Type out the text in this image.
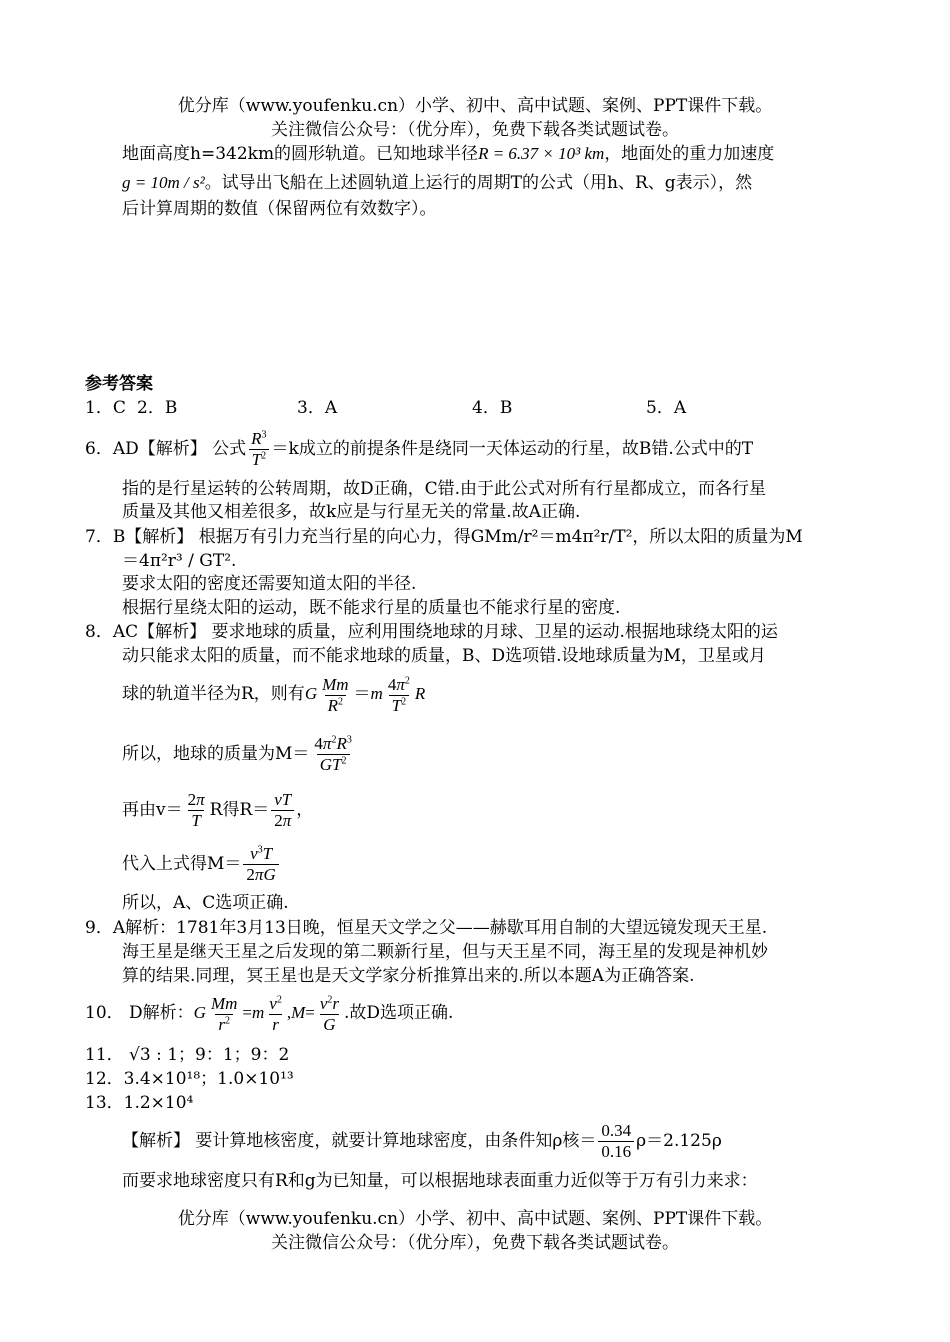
优分库（www.youfenku.cn）小学、初中、高中试题、案例、PPT课件下载。
关注微信公众号：（优分库），免费下载各类试题试卷。
地面高度h=342km的圆形轨道。已知地球半径R = 6.37 × 10³ km，地面处的重力加速度
g = 10m / s²。试导出飞船在上述圆轨道上运行的周期T的公式（用h、R、g表示），然
后计算周期的数值（保留两位有效数字）。
参考答案
1．C 2．B	3．A	4．B	5．A
6．AD【解析】 公式 $\frac{R^3}{T^2} =k$成立的前提条件是绕同一天体运动的行星，故B错.公式中的T
指的是行星运转的公转周期，故D正确，C错.由于此公式对所有行星都成立，而各行星
质量及其他又相差很多，故k应是与行星无关的常量.故A正确.
7．B【解析】 根据万有引力充当行星的向心力，得GMm/r²＝m4π²r/T²，所以太阳的质量为M
＝4π²r³ / GT².
要求太阳的密度还需要知道太阳的半径.
根据行星绕太阳的运动，既不能求行星的质量也不能求行星的密度.
8．AC【解析】 要求地球的质量，应利用围绕地球的月球、卫星的运动.根据地球绕太阳的运
动只能求太阳的质量，而不能求地球的质量，B、D选项错.设地球质量为M，卫星或月
球的轨道半径为R，则有G $\frac{Mm}{R^2} =m \frac{4\pi^2}{T^2}$ R
所以，地球的质量为$M= \frac{4\pi^2R^3}{GT^2}$
再由$v= \frac{2\pi}{T}$ R得$R= \frac{vT}{2\pi}$ ，
代入上式得$M= \frac{v^3T}{2\pi G}$
所以，A、C选项正确.
9．A解析：1781年3月13日晚，恒星天文学之父——赫歇耳用自制的大望远镜发现天王星.
海王星是继天王星之后发现的第二颗新行星，但与天王星不同，海王星的发现是神机妙
算的结果.同理，冥王星也是天文学家分析推算出来的.所以本题A为正确答案.
10． D解析：G $\frac{Mm}{r^2} =m \frac{v^2}{r} ,M= \frac{v^2r}{G}$ .故D选项正确.
11． √3 : 1；9：1；9：2
12．3.4×10¹⁸；1.0×10¹³
13．1.2×10⁴
【解析】 要计算地核密度，就要计算地球密度，由条件知ρ核＝ $\frac{0.34}{0.16} \rho=2.125\rho$
而要求地球密度只有R和g为已知量，可以根据地球表面重力近似等于万有引力来求：
优分库（www.youfenku.cn）小学、初中、高中试题、案例、PPT课件下载。
关注微信公众号：（优分库），免费下载各类试题试卷。
